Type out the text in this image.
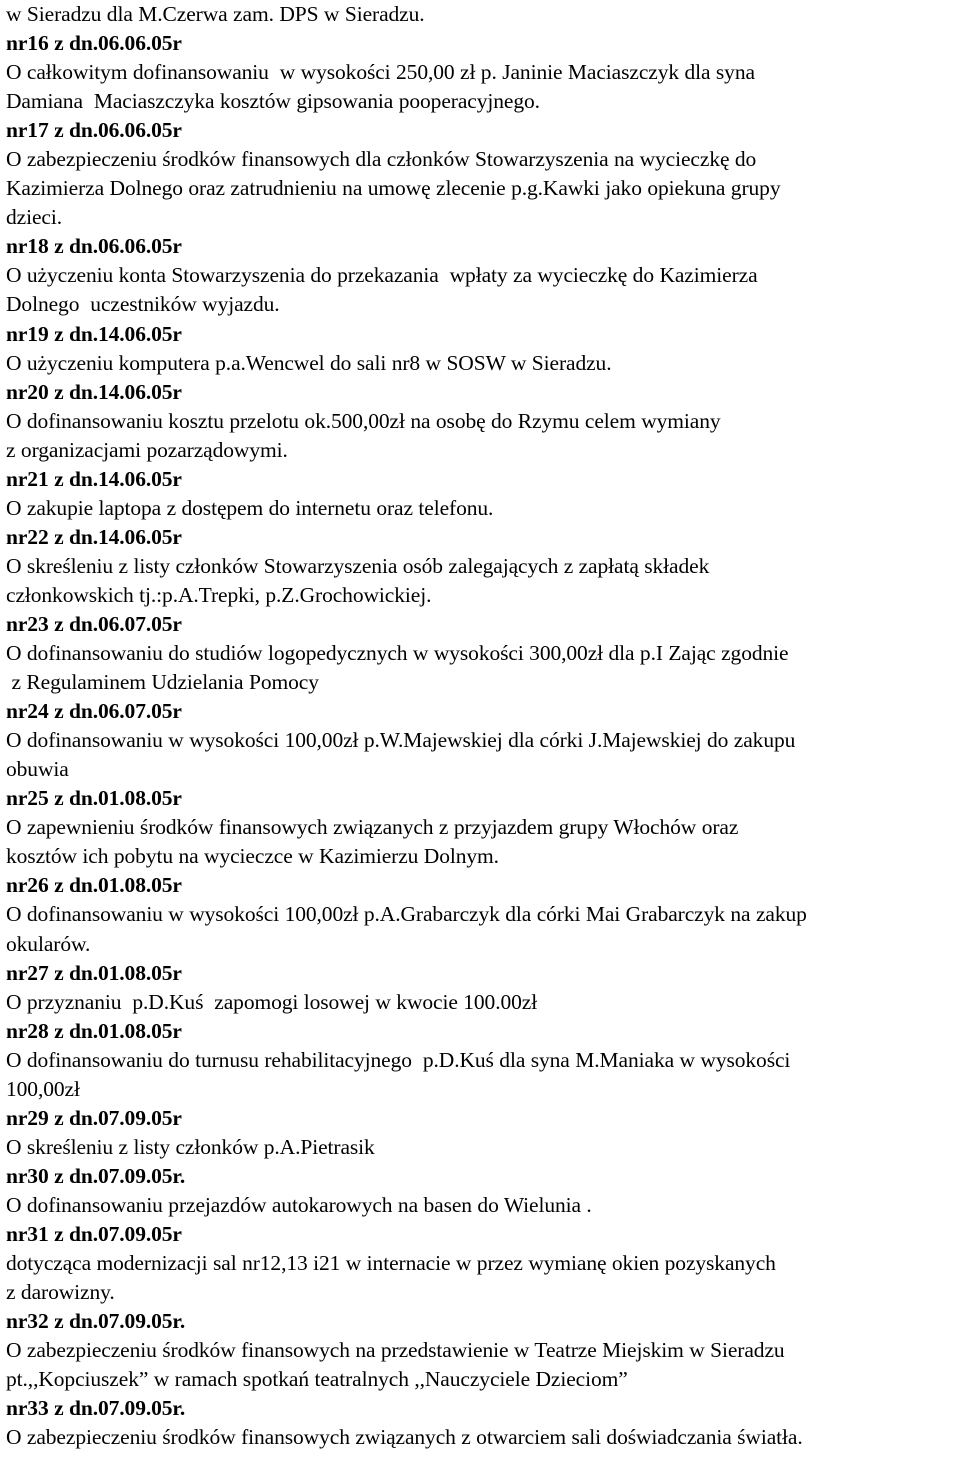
w Sieradzu dla M.Czerwa zam. DPS w Sieradzu.
nr16 z dn.06.06.05r
O całkowitym dofinansowaniu  w wysokości 250,00 zł p. Janinie Maciaszczyk dla syna
Damiana  Maciaszczyka kosztów gipsowania pooperacyjnego.
nr17 z dn.06.06.05r
O zabezpieczeniu środków finansowych dla członków Stowarzyszenia na wycieczkę do
Kazimierza Dolnego oraz zatrudnieniu na umowę zlecenie p.g.Kawki jako opiekuna grupy
dzieci.
nr18 z dn.06.06.05r
O użyczeniu konta Stowarzyszenia do przekazania  wpłaty za wycieczkę do Kazimierza
Dolnego  uczestników wyjazdu.
nr19 z dn.14.06.05r
O użyczeniu komputera p.a.Wencwel do sali nr8 w SOSW w Sieradzu.
nr20 z dn.14.06.05r
O dofinansowaniu kosztu przelotu ok.500,00zł na osobę do Rzymu celem wymiany
z organizacjami pozarządowymi.
nr21 z dn.14.06.05r
O zakupie laptopa z dostępem do internetu oraz telefonu.
nr22 z dn.14.06.05r
O skreśleniu z listy członków Stowarzyszenia osób zalegających z zapłatą składek
członkowskich tj.:p.A.Trepki, p.Z.Grochowickiej.
nr23 z dn.06.07.05r
O dofinansowaniu do studiów logopedycznych w wysokości 300,00zł dla p.I Zając zgodnie
z Regulaminem Udzielania Pomocy
nr24 z dn.06.07.05r
O dofinansowaniu w wysokości 100,00zł p.W.Majewskiej dla córki J.Majewskiej do zakupu
obuwia
nr25 z dn.01.08.05r
O zapewnieniu środków finansowych związanych z przyjazdem grupy Włochów oraz
kosztów ich pobytu na wycieczce w Kazimierzu Dolnym.
nr26 z dn.01.08.05r
O dofinansowaniu w wysokości 100,00zł p.A.Grabarczyk dla córki Mai Grabarczyk na zakup
okularów.
nr27 z dn.01.08.05r
O przyznaniu  p.D.Kuś  zapomogi losowej w kwocie 100.00zł
nr28 z dn.01.08.05r
O dofinansowaniu do turnusu rehabilitacyjnego  p.D.Kuś dla syna M.Maniaka w wysokości
100,00zł
nr29 z dn.07.09.05r
O skreśleniu z listy członków p.A.Pietrasik
nr30 z dn.07.09.05r.
O dofinansowaniu przejazdów autokarowych na basen do Wielunia .
nr31 z dn.07.09.05r
dotycząca modernizacji sal nr12,13 i21 w internacie w przez wymianę okien pozyskanych
z darowizny.
nr32 z dn.07.09.05r.
O zabezpieczeniu środków finansowych na przedstawienie w Teatrze Miejskim w Sieradzu
pt.,,Kopciuszek” w ramach spotkań teatralnych ,,Nauczyciele Dzieciom”
nr33 z dn.07.09.05r.
O zabezpieczeniu środków finansowych związanych z otwarciem sali doświadczania światła.
